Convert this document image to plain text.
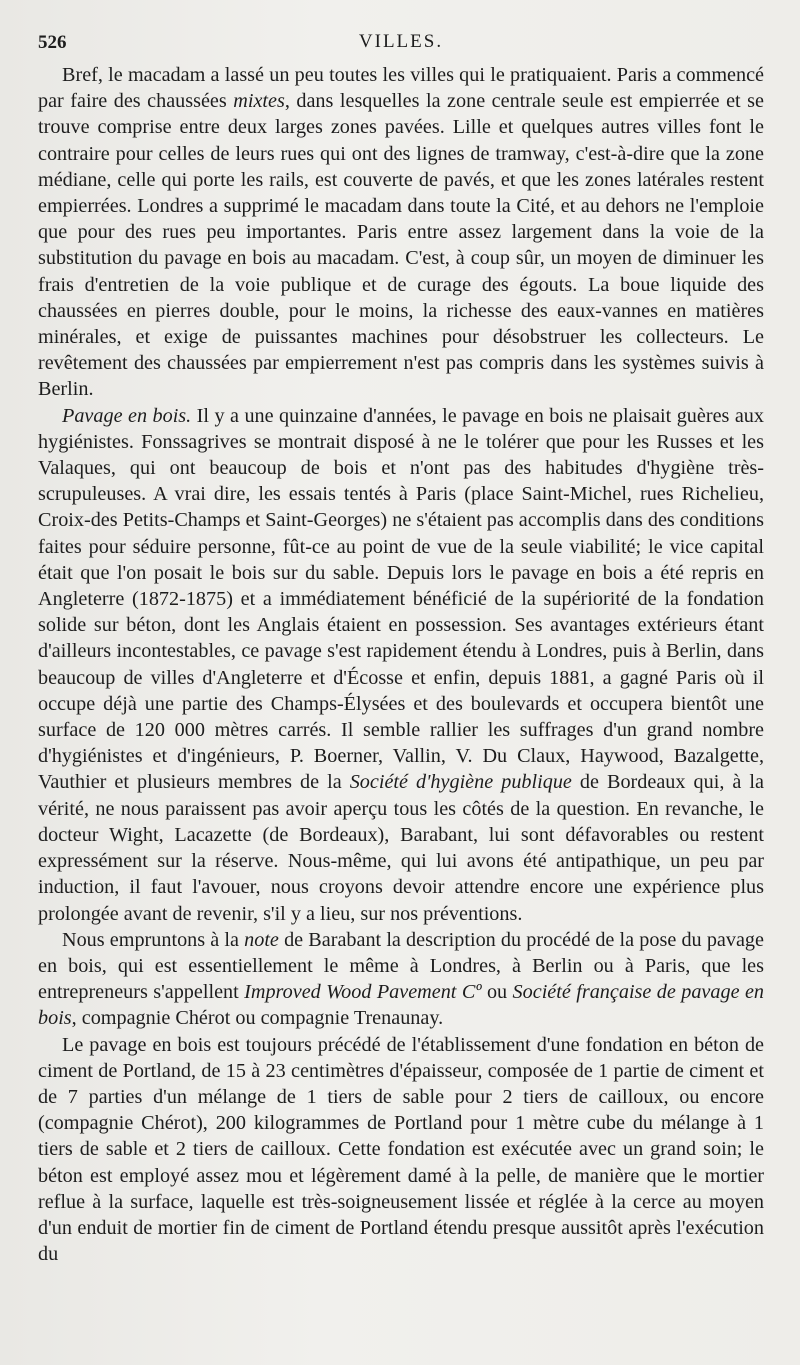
526	VILLES.

Bref, le macadam a lassé un peu toutes les villes qui le pratiquaient. Paris a commencé par faire des chaussées mixtes, dans lesquelles la zone centrale seule est empierrée et se trouve comprise entre deux larges zones pavées. Lille et quelques autres villes font le contraire pour celles de leurs rues qui ont des lignes de tramway, c'est-à-dire que la zone médiane, celle qui porte les rails, est couverte de pavés, et que les zones latérales restent empierrées. Londres a supprimé le macadam dans toute la Cité, et au dehors ne l'emploie que pour des rues peu importantes. Paris entre assez largement dans la voie de la substitution du pavage en bois au macadam. C'est, à coup sûr, un moyen de diminuer les frais d'entretien de la voie publique et de curage des égouts. La boue liquide des chaussées en pierres double, pour le moins, la richesse des eaux-vannes en matières minérales, et exige de puissantes machines pour désobstruer les collecteurs. Le revêtement des chaussées par empierrement n'est pas compris dans les systèmes suivis à Berlin.

Pavage en bois. Il y a une quinzaine d'années, le pavage en bois ne plaisait guères aux hygiénistes. Fonssagrives se montrait disposé à ne le tolérer que pour les Russes et les Valaques, qui ont beaucoup de bois et n'ont pas des habitudes d'hygiène très-scrupuleuses. A vrai dire, les essais tentés à Paris (place Saint-Michel, rues Richelieu, Croix-des Petits-Champs et Saint-Georges) ne s'étaient pas accomplis dans des conditions faites pour séduire personne, fût-ce au point de vue de la seule viabilité; le vice capital était que l'on posait le bois sur du sable. Depuis lors le pavage en bois a été repris en Angleterre (1872-1875) et a immédiatement bénéficié de la supériorité de la fondation solide sur béton, dont les Anglais étaient en possession. Ses avantages extérieurs étant d'ailleurs incontestables, ce pavage s'est rapidement étendu à Londres, puis à Berlin, dans beaucoup de villes d'Angleterre et d'Écosse et enfin, depuis 1881, a gagné Paris où il occupe déjà une partie des Champs-Élysées et des boulevards et occupera bientôt une surface de 120 000 mètres carrés. Il semble rallier les suffrages d'un grand nombre d'hygiénistes et d'ingénieurs, P. Boerner, Vallin, V. Du Claux, Haywood, Bazalgette, Vauthier et plusieurs membres de la Société d'hygiène publique de Bordeaux qui, à la vérité, ne nous paraissent pas avoir aperçu tous les côtés de la question. En revanche, le docteur Wight, Lacazette (de Bordeaux), Barabant, lui sont défavorables ou restent expressément sur la réserve. Nous-même, qui lui avons été antipathique, un peu par induction, il faut l'avouer, nous croyons devoir attendre encore une expérience plus prolongée avant de revenir, s'il y a lieu, sur nos préventions.

Nous empruntons à la note de Barabant la description du procédé de la pose du pavage en bois, qui est essentiellement le même à Londres, à Berlin ou à Paris, que les entrepreneurs s'appellent Improved Wood Pavement Cº ou Société française de pavage en bois, compagnie Chérot ou compagnie Trenaunay.

Le pavage en bois est toujours précédé de l'établissement d'une fondation en béton de ciment de Portland, de 15 à 23 centimètres d'épaisseur, composée de 1 partie de ciment et de 7 parties d'un mélange de 1 tiers de sable pour 2 tiers de cailloux, ou encore (compagnie Chérot), 200 kilogrammes de Portland pour 1 mètre cube du mélange à 1 tiers de sable et 2 tiers de cailloux. Cette fondation est exécutée avec un grand soin; le béton est employé assez mou et légèrement damé à la pelle, de manière que le mortier reflue à la surface, laquelle est très-soigneusement lissée et réglée à la cerce au moyen d'un enduit de mortier fin de ciment de Portland étendu presque aussitôt après l'exécution du
